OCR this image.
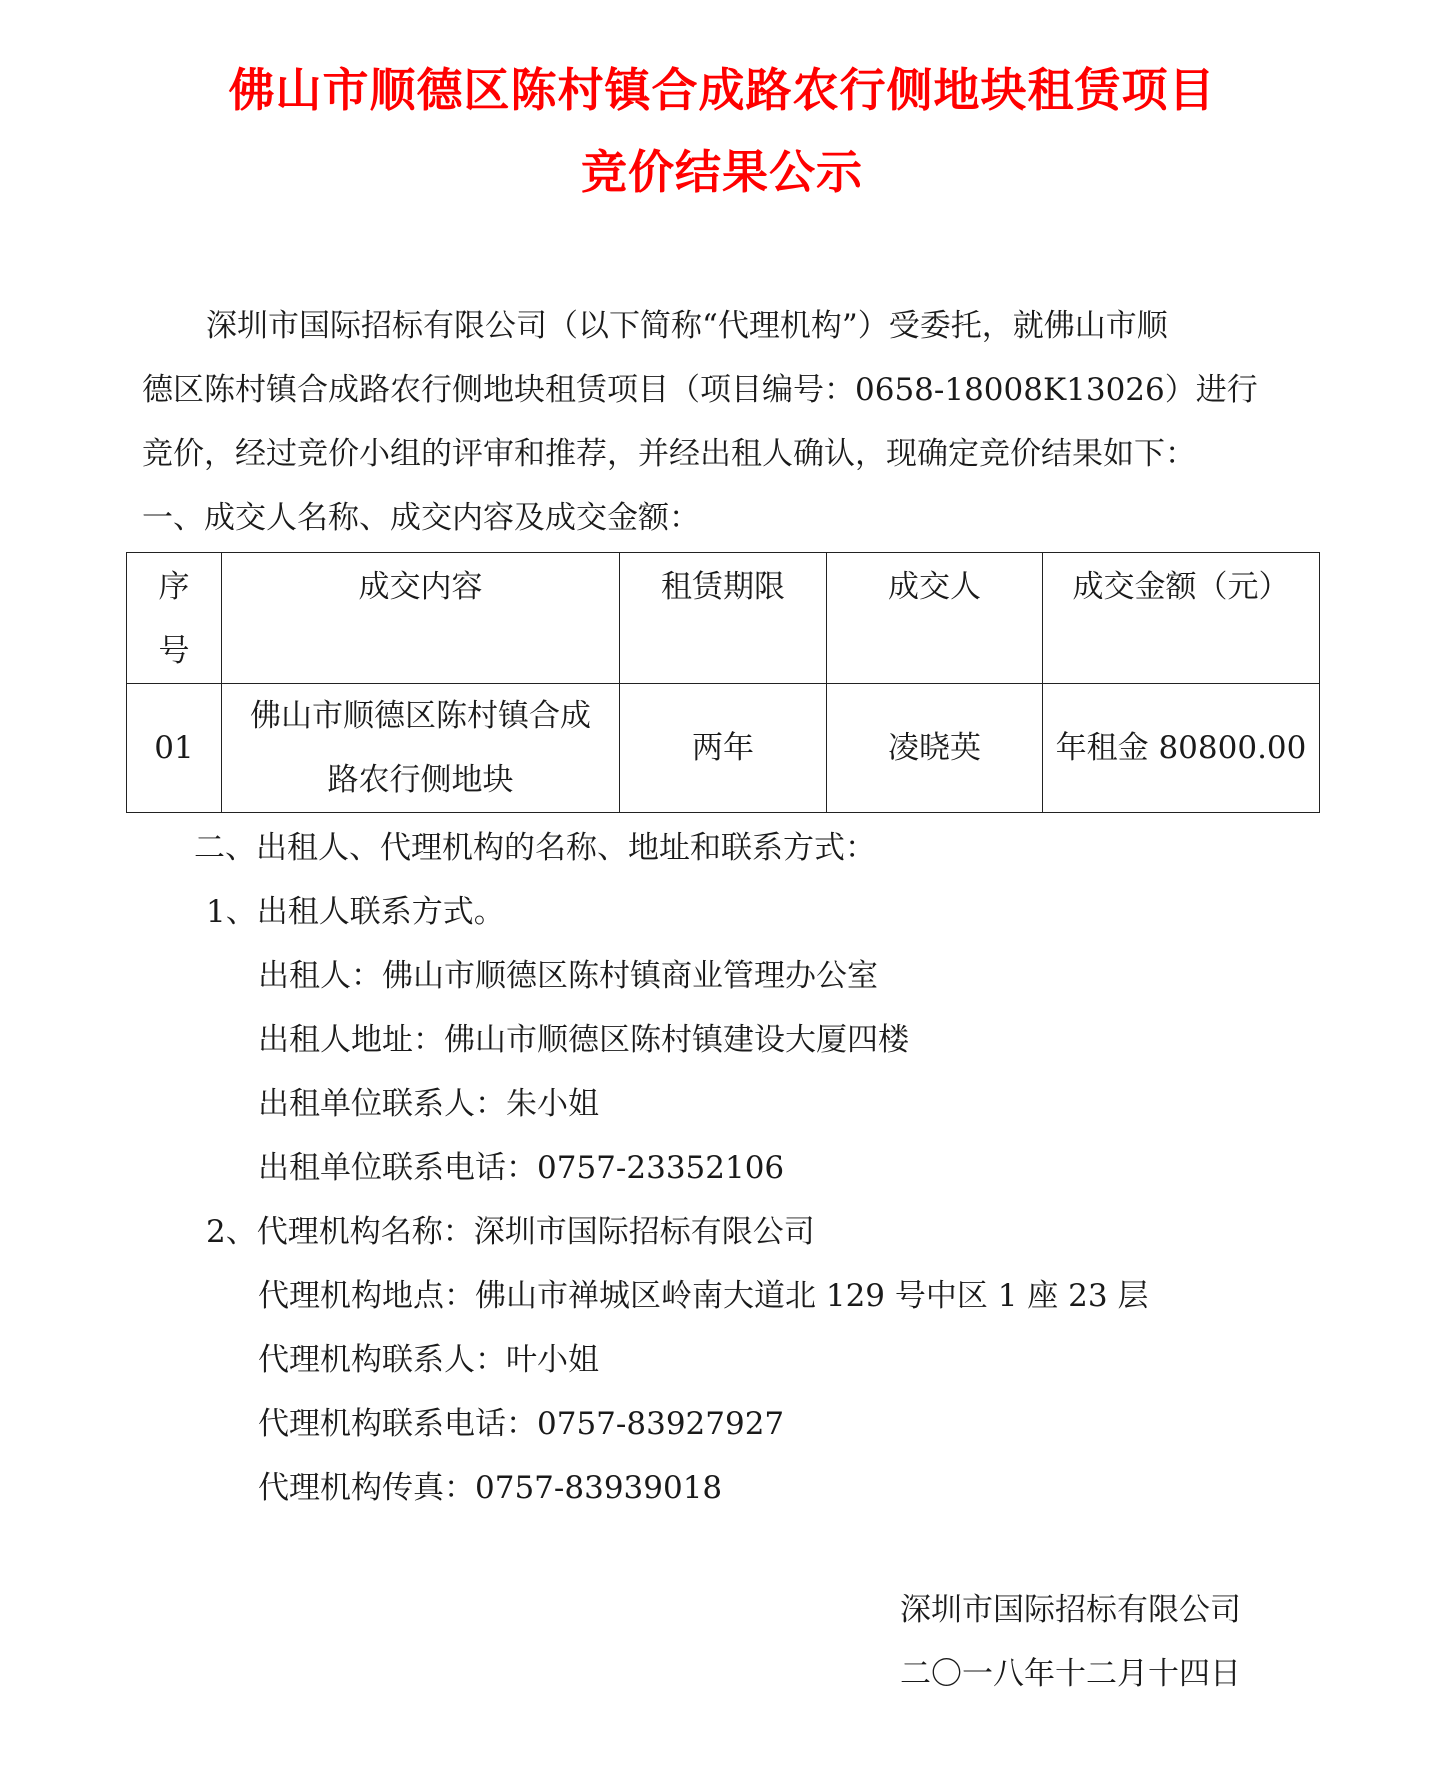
佛山市顺德区陈村镇合成路农行侧地块租赁项目
竞价结果公示
深圳市国际招标有限公司（以下简称“代理机构”）受委托，就佛山市顺
德区陈村镇合成路农行侧地块租赁项目（项目编号：0658-18008K13026）进行
竞价，经过竞价小组的评审和推荐，并经出租人确认，现确定竞价结果如下：
一、成交人名称、成交内容及成交金额：
序号	成交内容	租赁期限	成交人	成交金额（元）
01	佛山市顺德区陈村镇合成路农行侧地块	两年	凌晓英	年租金 80800.00
二、出租人、代理机构的名称、地址和联系方式：
1、出租人联系方式。
出租人：佛山市顺德区陈村镇商业管理办公室
出租人地址：佛山市顺德区陈村镇建设大厦四楼
出租单位联系人：朱小姐
出租单位联系电话：0757-23352106
2、代理机构名称：深圳市国际招标有限公司
代理机构地点：佛山市禅城区岭南大道北 129 号中区 1 座 23 层
代理机构联系人：叶小姐
代理机构联系电话：0757-83927927
代理机构传真：0757-83939018
深圳市国际招标有限公司
二〇一八年十二月十四日
